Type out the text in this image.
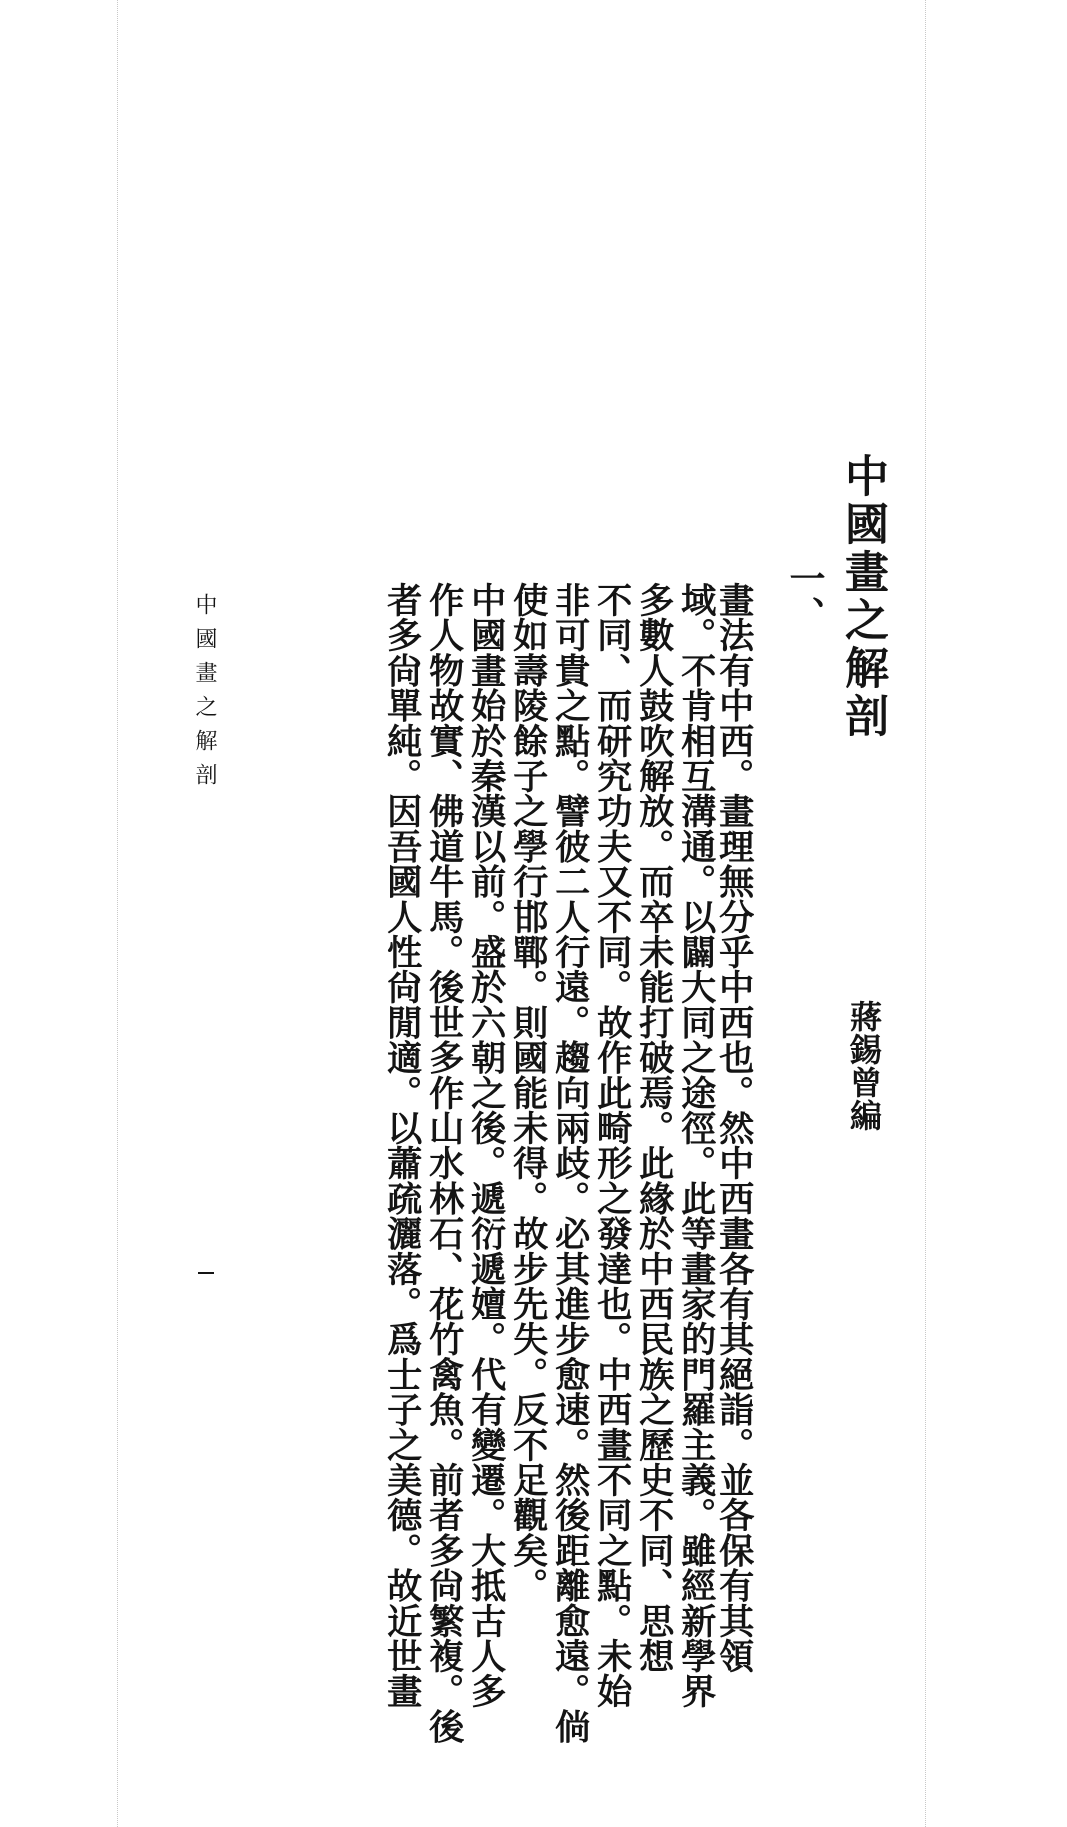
中國畫之解剖
一、
蔣錫曾編
畫法有中西。畫理無分乎中西也。然中西畫各有其絕詣。並各保有其領
域。不肯相互溝通。以闢大同之途徑。此等畫家的門羅主義。雖經新學界
多數人鼓吹解放。而卒未能打破焉。此緣於中西民族之歷史不同、思想
不同、而研究功夫又不同。故作此畸形之發達也。中西畫不同之點。未始
非可貴之點。譬彼二人行遠。趨向兩歧。必其進步愈速。然後距離愈遠。倘
使如壽陵餘子之學行邯鄲。則國能未得。故步先失。反不足觀矣。
中國畫始於秦漢以前。盛於六朝之後。遞衍遞嬗。代有變遷。大抵古人多
作人物故實、佛道牛馬。後世多作山水林石、花竹禽魚。前者多尙繁複。後
者多尙單純。因吾國人性尙閒適。以蕭疏灑落。爲士子之美德。故近世畫
中國畫之解剖
